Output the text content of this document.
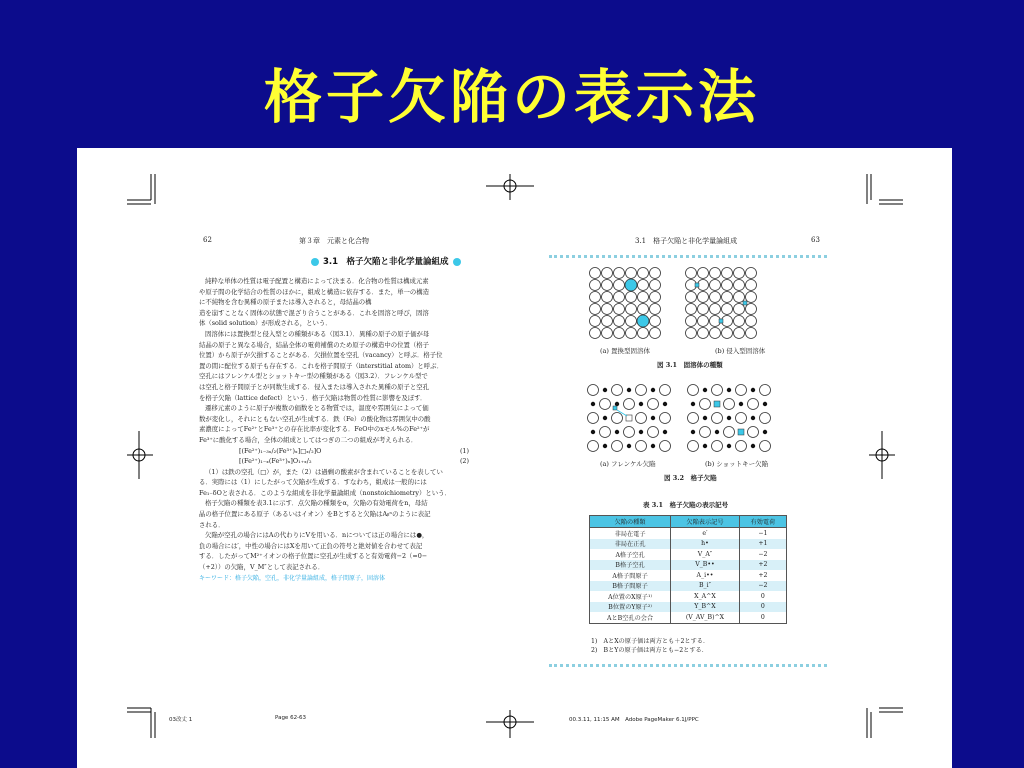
格子欠陥の表示法
62	第３章　元素と化合物
3.1　格子欠陥と非化学量論組成

純粋な単体の性質は電子配置と構造によって決まる．化合物の性質は構成元素

や原子間の化学結合の性質のほかに，組成と構造に依存する．また，単一の構造

に不純物を含む異種の原子または導入されると，母結晶の構

造を崩すことなく固体の状態で混ざり合うことがある．これを固溶と呼び，固溶

体（solid solution）が形成される，という．

固溶体には置換型と侵入型との種類がある（図3.1）．異種の原子の原子価が母

結晶の原子と異なる場合，結晶全体の電荷補償のため原子の構造中の位置（格子

位置）から原子が欠損することがある．欠損位置を空孔（vacancy）と呼ぶ．格子位

置の間に配位する原子も存在する．これを格子間原子（interstitial atom）と呼ぶ．

空孔にはフレンケル型とショットキー型の種類がある（図3.2）．フレンケル型で

は空孔と格子間原子とが同数生成する．侵入または導入された異種の原子と空孔

を格子欠陥（lattice defect）という．格子欠陥は物質の性質に影響を及ぼす．

遷移元素のように原子が複数の価数をとる物質では，温度や雰囲気によって価

数が変化し，それにともない空孔が生成する．鉄（Fe）の酸化物は雰囲気中の酸

素濃度によってFe²⁺とFe³⁺との存在比率が変化する．FeO中のxモル%のFe²⁺が

Fe³⁺に酸化する場合，全体の組成としてはつぎの二つの組成が考えられる．

[(Fe²⁺)₁₋₃ₓ/₂(Fe³⁺)ₓ]□ₓ/₂]O	(1)
[(Fe²⁺)₁₋ₓ(Fe³⁺)ₓ]O₁₊ₓ/₂	(2)

（1）は鉄の空孔（□）が，また（2）は過剰の酸素が含まれていることを表してい

る．実際には（1）にしたがって欠陥が生成する．すなわち，組成は一般的には

Fe₁₋δOと表される．このような組成を非化学量論組成（nonstoichiometry）という．

格子欠陥の種類を表3.1に示す．点欠陥の種類をα，欠陥の有効電荷をn，母結

晶の格子位置にある原子（あるいはイオン）をBとすると欠陥はAᵦⁿのように表記

される．

欠陥が空孔の場合にはAの代わりにVを用いる．nについては正の場合には●，

負の場合には′，中性の場合にはXを用いて正負の符号と絶対値を合わせて表記

する．したがってM²⁺イオンの格子位置に空孔が生成すると有効電荷−2（=0−

（+2））の欠陥，V_M″として表記される．

キーワード：格子欠陥，空孔，非化学量論組成，格子間原子，固溶体
3.1　格子欠陥と非化学量論組成	63
(a) 置換型固溶体	(b) 侵入型固溶体
図 3.1　固溶体の種類
(a) フレンケル欠陥	(b) ショットキー欠陥
図 3.2　格子欠陥
表 3.1　格子欠陥の表示記号
欠陥の種類	欠陥表示記号	有効電荷
非局在電子	e′	−1
非局在正孔	h•	+1
A格子空孔	V_A″	−2
B格子空孔	V_B••	+2
A格子間原子	A_i••	+2
B格子間原子	B_i″	−2
A位置のX原子¹⁾	X_A^X	0
B位置のY原子²⁾	Y_B^X	0
AとB空孔の会合	(V_AV_B)^X	0
1)　AとXの原子価は両方とも＋2とする．
2)　BとYの原子価は両方とも−2とする．
03改丈 1	Page 62-63	00.3.11, 11:15 AM　Adobe PageMaker 6.1J/PPC
